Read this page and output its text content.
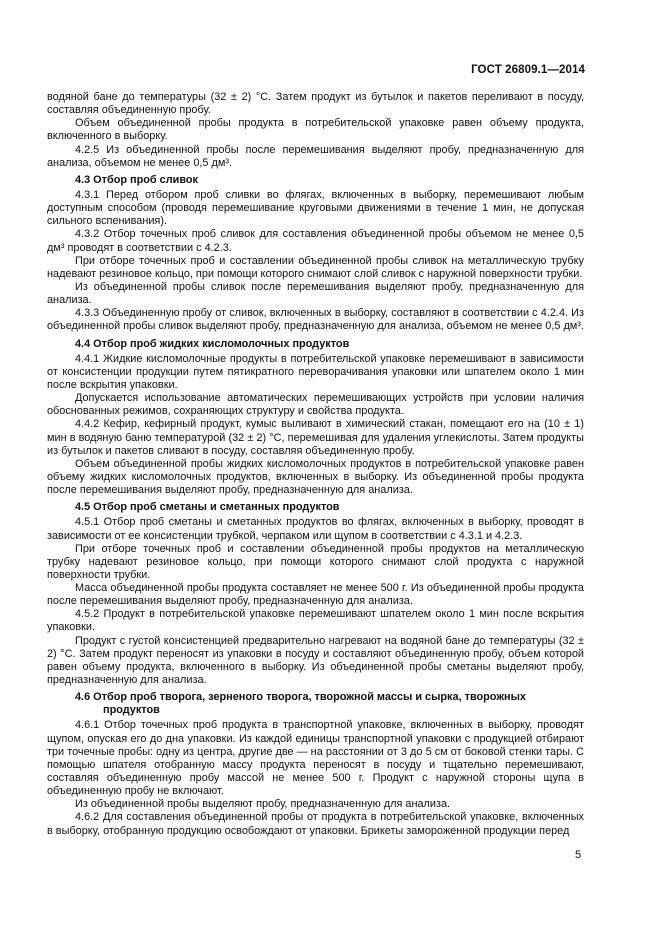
ГОСТ 26809.1—2014

водяной бане до температуры (32 ± 2) °С. Затем продукт из бутылок и пакетов переливают в посуду, составляя объединенную пробу.

Объем объединенной пробы продукта в потребительской упаковке равен объему продукта, включенного в выборку.

4.2.5 Из объединенной пробы после перемешивания выделяют пробу, предназначенную для анализа, объемом не менее 0,5 дм³.

4.3 Отбор проб сливок

4.3.1 Перед отбором проб сливки во флягах, включенных в выборку, перемешивают любым доступным способом (проводя перемешивание круговыми движениями в течение 1 мин, не допуская сильного вспенивания).

4.3.2 Отбор точечных проб сливок для составления объединенной пробы объемом не менее 0,5 дм³ проводят в соответствии с 4.2.3.

При отборе точечных проб и составлении объединенной пробы сливок на металлическую трубку надевают резиновое кольцо, при помощи которого снимают слой сливок с наружной поверхности трубки.

Из объединенной пробы сливок после перемешивания выделяют пробу, предназначенную для анализа.

4.3.3 Объединенную пробу от сливок, включенных в выборку, составляют в соответствии с 4.2.4. Из объединенной пробы сливок выделяют пробу, предназначенную для анализа, объемом не менее 0,5 дм³.

4.4 Отбор проб жидких кисломолочных продуктов

4.4.1 Жидкие кисломолочные продукты в потребительской упаковке перемешивают в зависимости от консистенции продукции путем пятикратного переворачивания упаковки или шпателем около 1 мин после вскрытия упаковки.

Допускается использование автоматических перемешивающих устройств при условии наличия обоснованных режимов, сохраняющих структуру и свойства продукта.

4.4.2 Кефир, кефирный продукт, кумыс выливают в химический стакан, помещают его на (10 ± 1) мин в водяную баню температурой (32 ± 2) °С, перемешивая для удаления углекислоты. Затем продукты из бутылок и пакетов сливают в посуду, составляя объединенную пробу.

Объем объединенной пробы жидких кисломолочных продуктов в потребительской упаковке равен объему жидких кисломолочных продуктов, включенных в выборку. Из объединенной пробы продукта после перемешивания выделяют пробу, предназначенную для анализа.

4.5 Отбор проб сметаны и сметанных продуктов

4.5.1 Отбор проб сметаны и сметанных продуктов во флягах, включенных в выборку, проводят в зависимости от ее консистенции трубкой, черпаком или щупом в соответствии с 4.3.1 и 4.2.3.

При отборе точечных проб и составлении объединенной пробы продуктов на металлическую трубку надевают резиновое кольцо, при помощи которого снимают слой продукта с наружной поверхности трубки.

Масса объединенной пробы продукта составляет не менее 500 г. Из объединенной пробы продукта после перемешивания выделяют пробу, предназначенную для анализа.

4.5.2 Продукт в потребительской упаковке перемешивают шпателем около 1 мин после вскрытия упаковки.

Продукт с густой консистенцией предварительно нагревают на водяной бане до температуры (32 ± 2) °С. Затем продукт переносят из упаковки в посуду и составляют объединенную пробу, объем которой равен объему продукта, включенного в выборку. Из объединенной пробы сметаны выделяют пробу, предназначенную для анализа.

4.6 Отбор проб творога, зерненого творога, творожной массы и сырка, творожных
продуктов

4.6.1 Отбор точечных проб продукта в транспортной упаковке, включенных в выборку, проводят щупом, опуская его до дна упаковки. Из каждой единицы транспортной упаковки с продукцией отбирают три точечные пробы: одну из центра, другие две — на расстоянии от 3 до 5 см от боковой стенки тары. С помощью шпателя отобранную массу продукта переносят в посуду и тщательно перемешивают, составляя объединенную пробу массой не менее 500 г. Продукт с наружной стороны щупа в объединенную пробу не включают.

Из объединенной пробы выделяют пробу, предназначенную для анализа.

4.6.2 Для составления объединенной пробы от продукта в потребительской упаковке, включенных в выборку, отобранную продукцию освобождают от упаковки. Брикеты замороженной продукции перед

5
